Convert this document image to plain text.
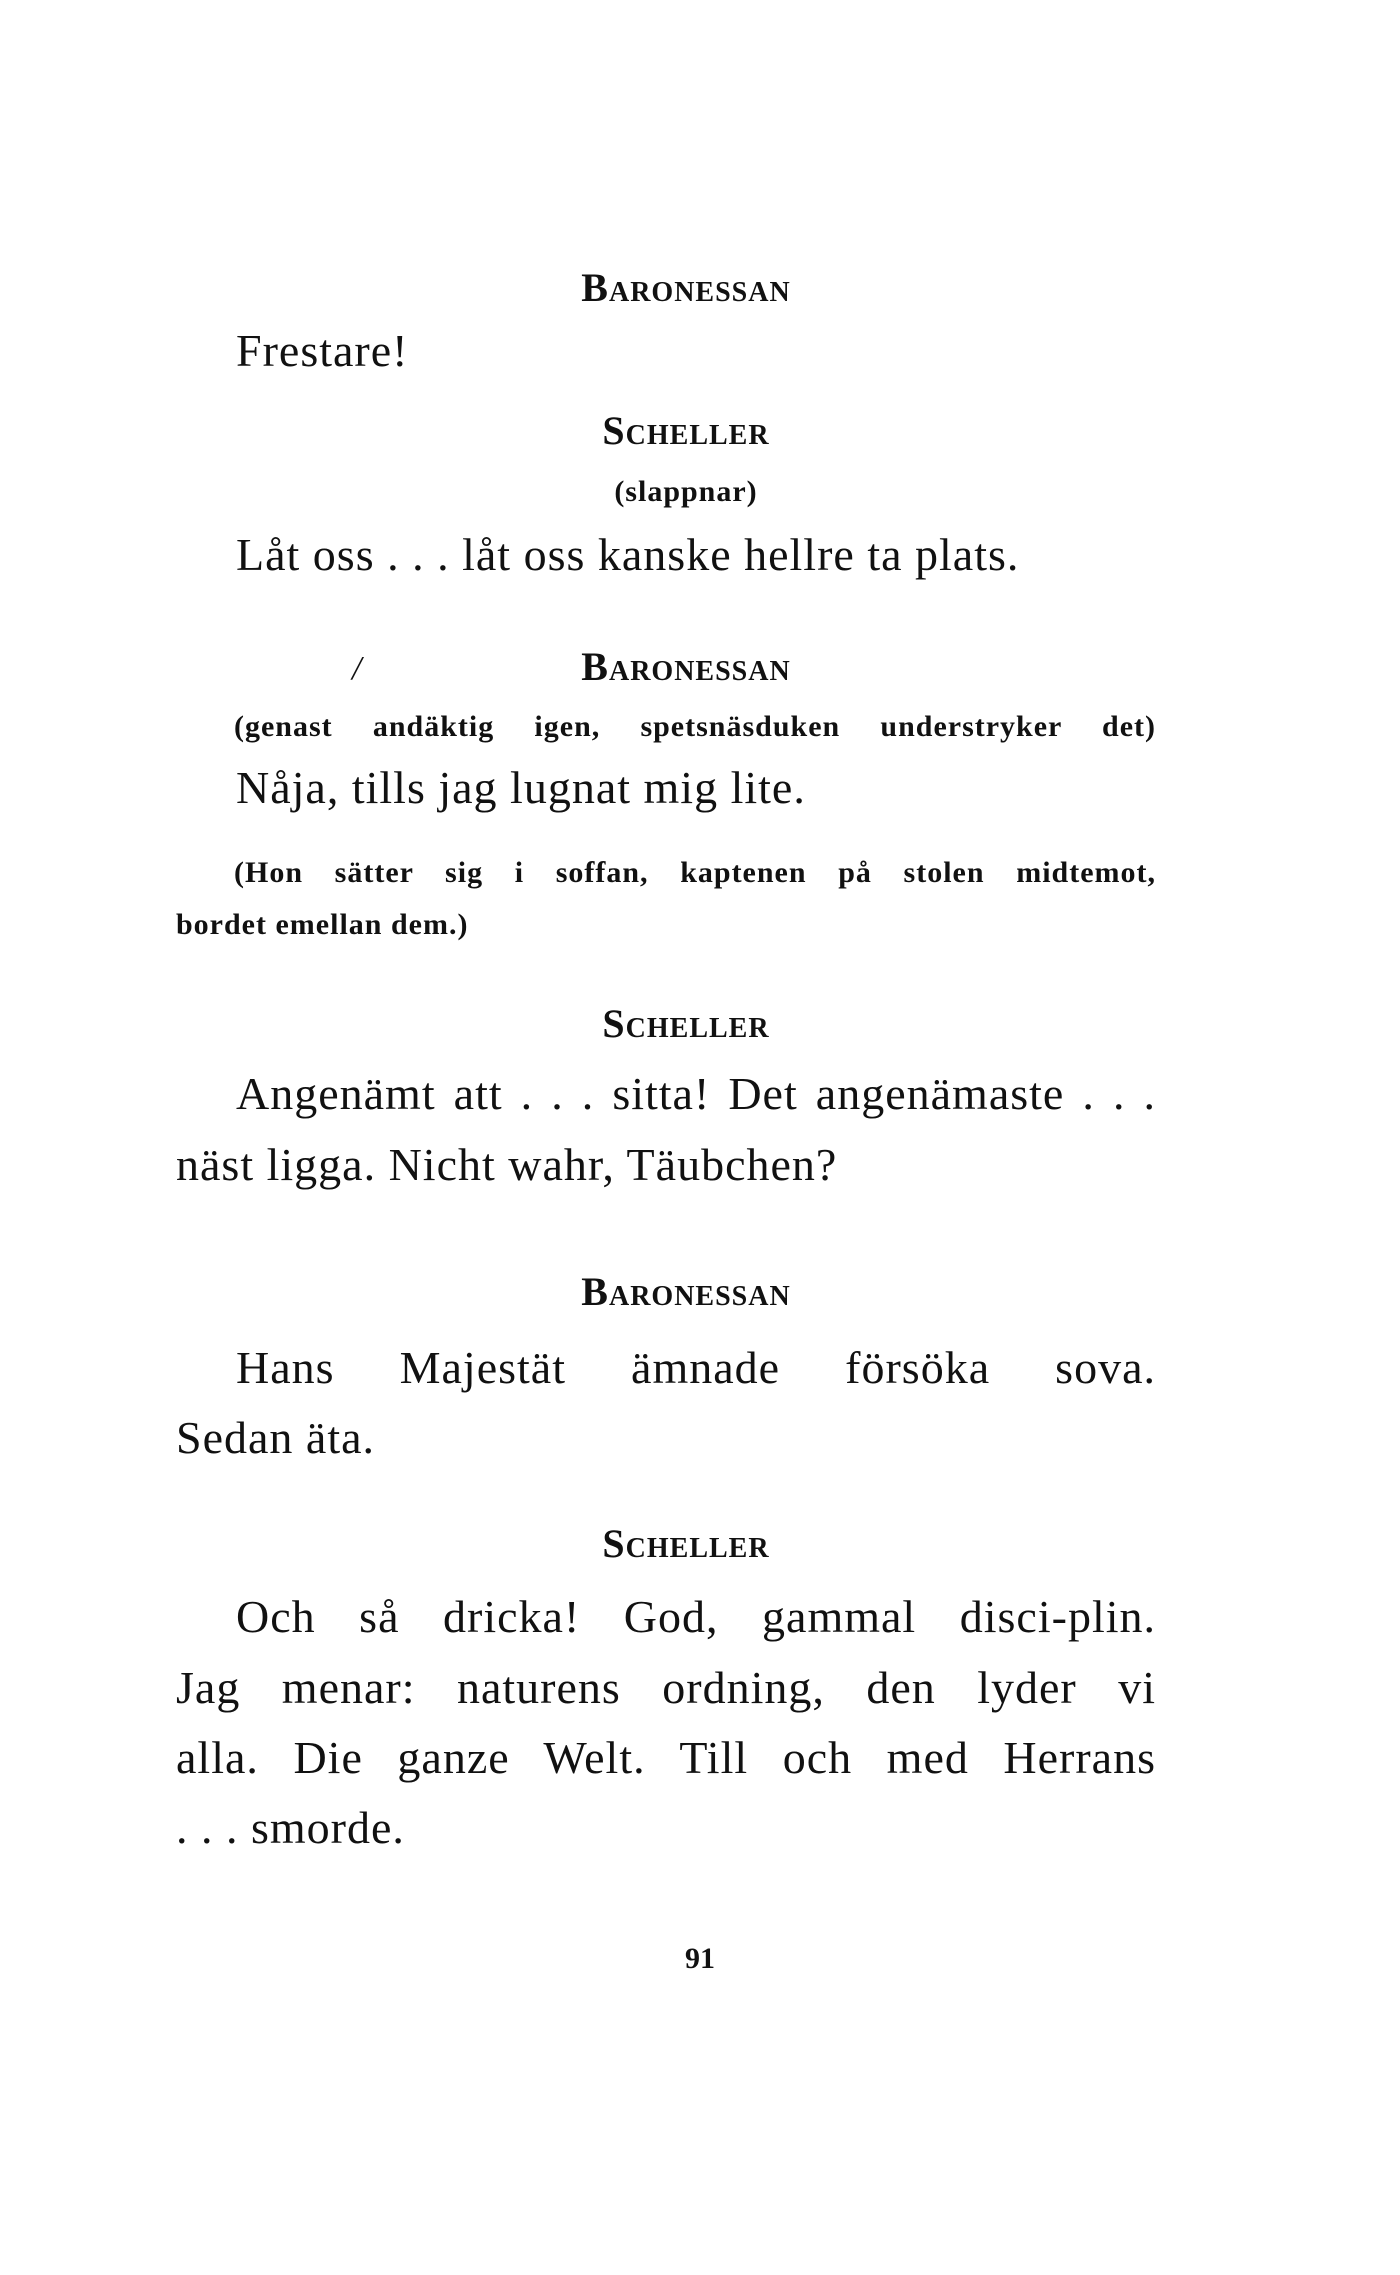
Baronessan
Frestare!
Scheller
(slappnar)
Låt oss . . . låt oss kanske hellre ta plats.
/	Baronessan
(genast andäktig igen, spetsnäsduken understryker det)
Nåja, tills jag lugnat mig lite.
(Hon sätter sig i soffan, kaptenen på stolen midtemot,
bordet emellan dem.)
Scheller
Angenämt att . . . sitta! Det angenämaste . . .
näst ligga. Nicht wahr, Täubchen?
Baronessan
Hans Majestät ämnade försöka sova.
Sedan äta.
Scheller
Och så dricka! God, gammal disci-plin.
Jag menar: naturens ordning, den lyder vi
alla. Die ganze Welt. Till och med Herrans
. . . smorde.
91
